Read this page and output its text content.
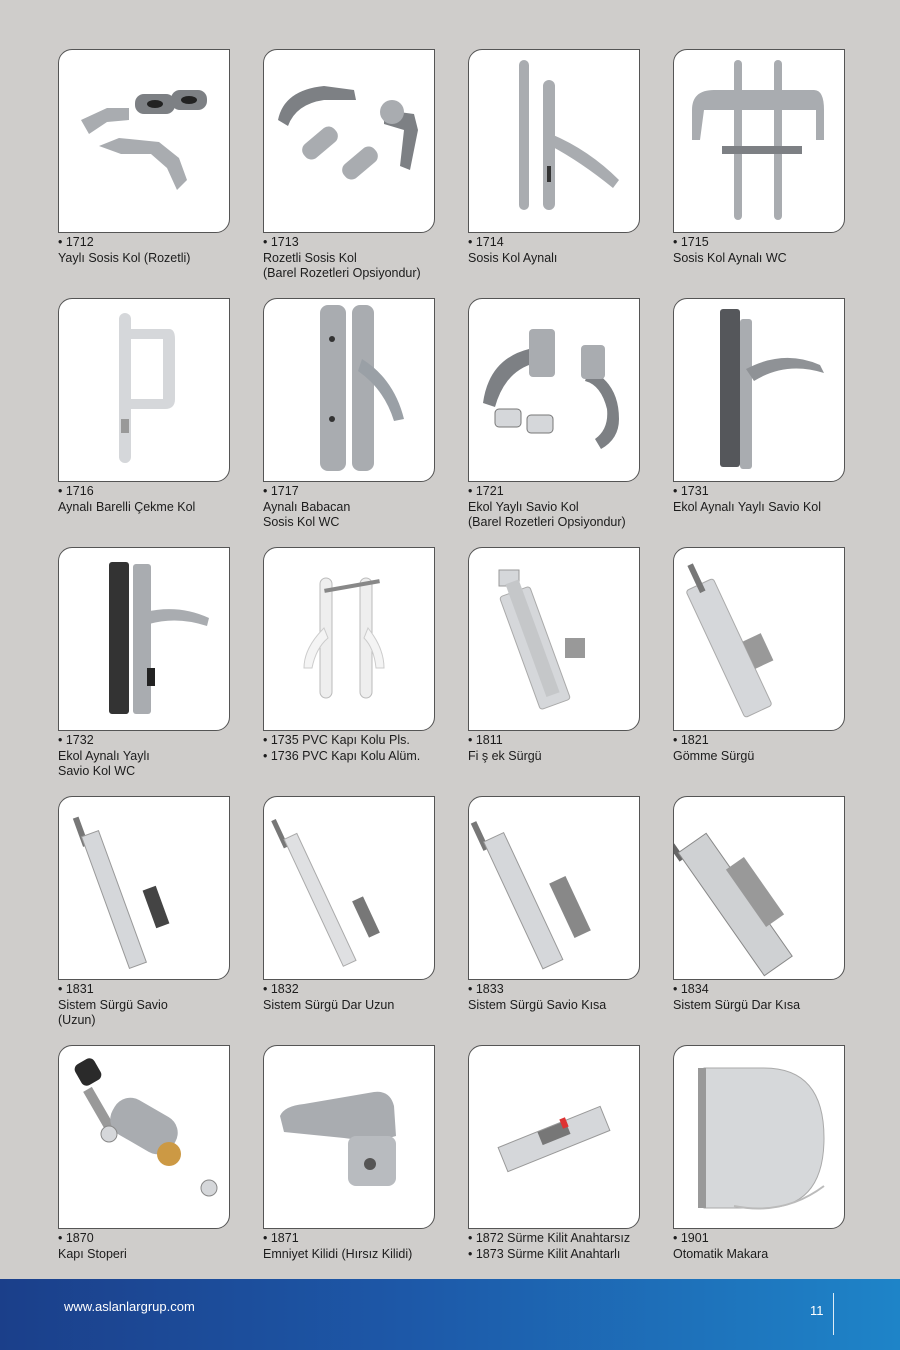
• 1712
Yaylı Sosis Kol (Rozetli)
• 1713
Rozetli Sosis Kol
(Barel Rozetleri Opsiyondur)
• 1714
Sosis Kol Aynalı
• 1715
Sosis Kol Aynalı WC
• 1716
Aynalı Barelli Çekme Kol
• 1717
Aynalı Babacan
Sosis Kol WC
• 1721
Ekol Yaylı Savio Kol
(Barel Rozetleri Opsiyondur)
• 1731
Ekol Aynalı Yaylı Savio Kol
• 1732
Ekol Aynalı Yaylı
Savio Kol WC
• 1735 PVC Kapı Kolu Pls.
• 1736 PVC Kapı Kolu Alüm.
• 1811
Fi ş ek Sürgü
• 1821
Gömme Sürgü
• 1831
Sistem Sürgü Savio
(Uzun)
• 1832
Sistem Sürgü Dar Uzun
• 1833
Sistem Sürgü Savio Kısa
• 1834
Sistem Sürgü Dar Kısa
• 1870
Kapı Stoperi
• 1871
Emniyet Kilidi (Hırsız Kilidi)
• 1872 Sürme Kilit Anahtarsız
• 1873 Sürme Kilit Anahtarlı
• 1901
Otomatik Makara
www.aslanlargrup.com	11
